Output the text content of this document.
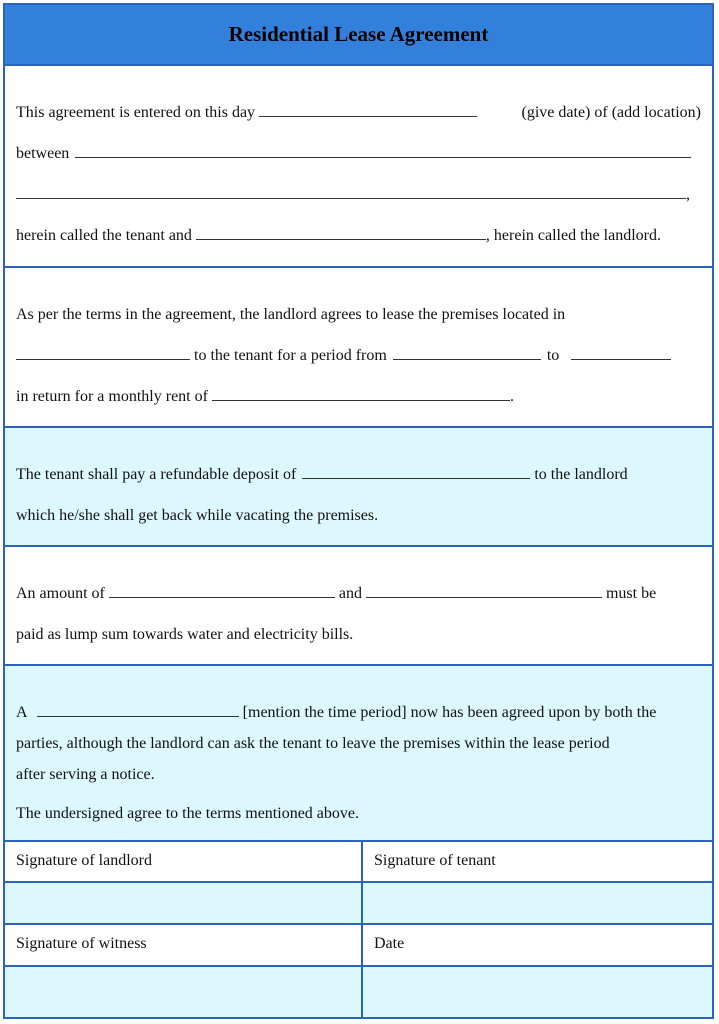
Residential Lease Agreement
This agreement is entered on this day	(give date) of (add location)
between
,
herein called the tenant and	, herein called the landlord.
As per the terms in the agreement, the landlord agrees to lease the premises located in
to the tenant for a period from	to
in return for a monthly rent of	.
The tenant shall pay a refundable deposit of	to the landlord
which he/she shall get back while vacating the premises.
An amount of	and	must be
paid as lump sum towards water and electricity bills.
A	[mention the time period] now has been agreed upon by both the
parties, although the landlord can ask the tenant to leave the premises within the lease period
after serving a notice.
The undersigned agree to the terms mentioned above.
Signature of landlord	Signature of tenant
Signature of witness	Date
